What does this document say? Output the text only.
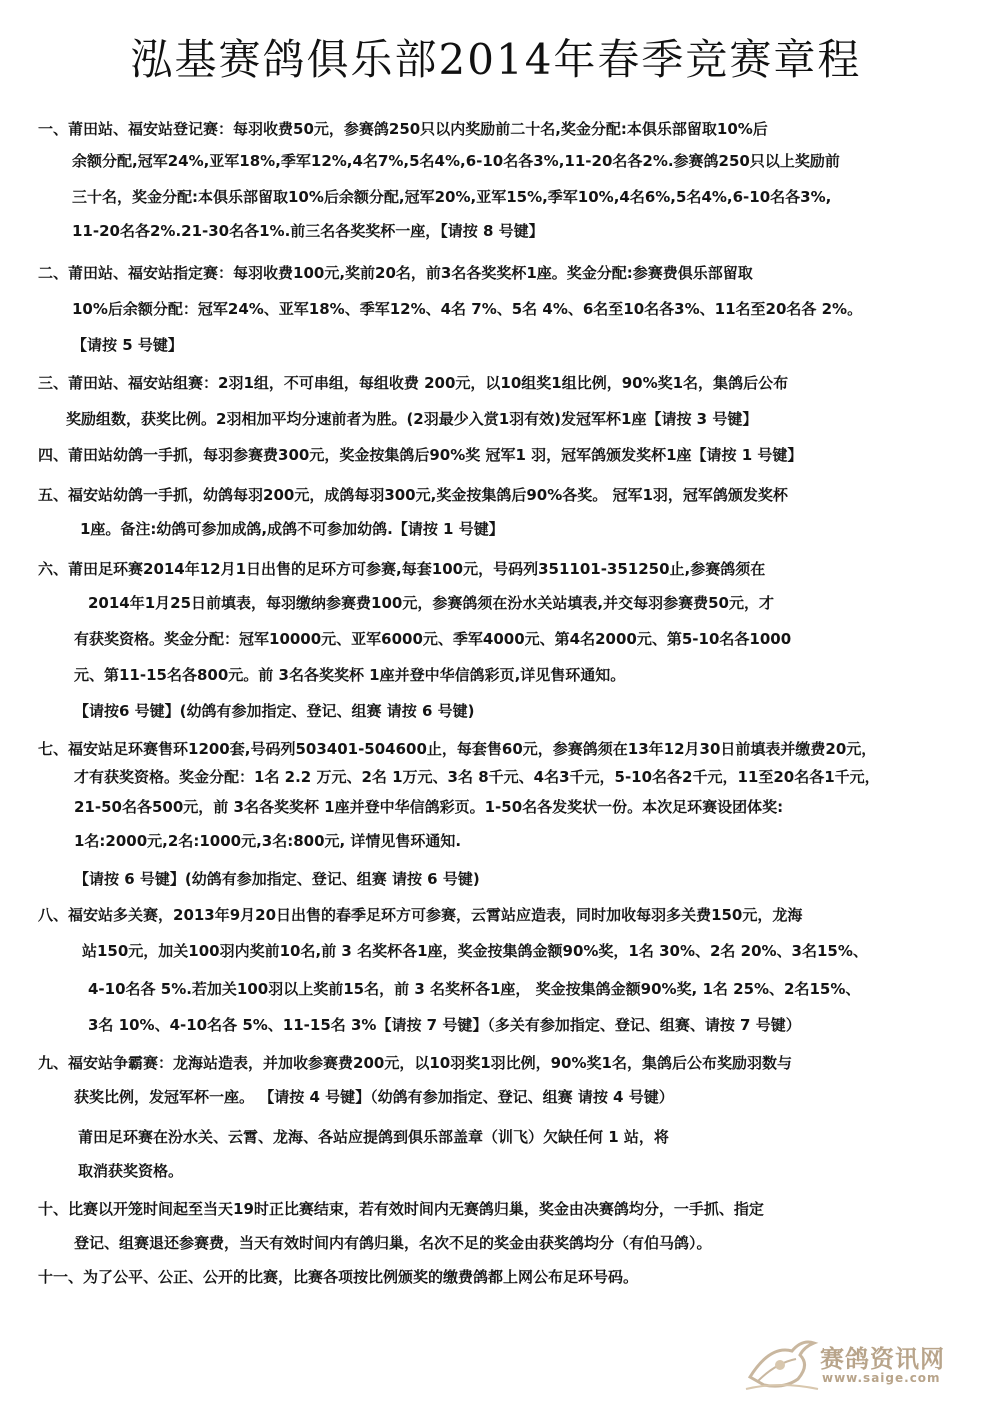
泓基赛鸽俱乐部2014年春季竞赛章程
一、莆田站、福安站登记赛：每羽收费50元，参赛鸽250只以内奖励前二十名,奖金分配:本俱乐部留取10%后
余额分配,冠军24%,亚军18%,季军12%,4名7%,5名4%,6-10名各3%,11-20名各2%.参赛鸽250只以上奖励前
三十名，奖金分配:本俱乐部留取10%后余额分配,冠军20%,亚军15%,季军10%,4名6%,5名4%,6-10名各3%,
11-20名各2%.21-30名各1%.前三名各奖奖杯一座，【请按 8 号键】
二、莆田站、福安站指定赛：每羽收费100元,奖前20名，前3名各奖奖杯1座。奖金分配:参赛费俱乐部留取
10%后余额分配：冠军24%、亚军18%、季军12%、4名 7%、5名 4%、6名至10名各3%、11名至20名各 2%。
【请按 5 号键】
三、莆田站、福安站组赛：2羽1组，不可串组，每组收费 200元，以10组奖1组比例，90%奖1名，集鸽后公布
奖励组数，获奖比例。2羽相加平均分速前者为胜。(2羽最少入赏1羽有效)发冠军杯1座【请按 3 号键】
四、莆田站幼鸽一手抓，每羽参赛费300元，奖金按集鸽后90%奖 冠军1 羽，冠军鸽颁发奖杯1座【请按 1 号键】
五、福安站幼鸽一手抓，幼鸽每羽200元，成鸽每羽300元,奖金按集鸽后90%各奖。 冠军1羽，冠军鸽颁发奖杯
1座。备注:幼鸽可参加成鸽,成鸽不可参加幼鸽.【请按 1 号键】
六、莆田足环赛2014年12月1日出售的足环方可参赛,每套100元，号码列351101-351250止,参赛鸽须在
2014年1月25日前填表，每羽缴纳参赛费100元，参赛鸽须在汾水关站填表,并交每羽参赛费50元，才
有获奖资格。奖金分配：冠军10000元、亚军6000元、季军4000元、第4名2000元、第5-10名各1000
元、第11-15名各800元。前 3名各奖奖杯 1座并登中华信鸽彩页,详见售环通知。
【请按6 号键】(幼鸽有参加指定、登记、组赛 请按 6 号键)
七、福安站足环赛售环1200套,号码列503401-504600止，每套售60元，参赛鸽须在13年12月30日前填表并缴费20元，
才有获奖资格。奖金分配：1名 2.2 万元、2名 1万元、3名 8千元、4名3千元，5-10名各2千元，11至20名各1千元，
21-50名各500元，前 3名各奖奖杯 1座并登中华信鸽彩页。1-50名各发奖状一份。本次足环赛设团体奖:
1名:2000元,2名:1000元,3名:800元, 详情见售环通知.
【请按 6 号键】(幼鸽有参加指定、登记、组赛 请按 6 号键)
八、福安站多关赛，2013年9月20日出售的春季足环方可参赛，云霄站应造表，同时加收每羽多关费150元，龙海
站150元，加关100羽内奖前10名,前 3 名奖杯各1座，奖金按集鸽金额90%奖，1名 30%、2名 20%、3名15%、
4-10名各 5%.若加关100羽以上奖前15名，前 3 名奖杯各1座， 奖金按集鸽金额90%奖, 1名 25%、2名15%、
3名 10%、4-10名各 5%、11-15名 3%【请按 7 号键】（多关有参加指定、登记、组赛、请按 7 号键）
九、福安站争霸赛：龙海站造表，并加收参赛费200元，以10羽奖1羽比例，90%奖1名，集鸽后公布奖励羽数与
获奖比例，发冠军杯一座。 【请按 4 号键】（幼鸽有参加指定、登记、组赛 请按 4 号键）
莆田足环赛在汾水关、云霄、龙海、各站应提鸽到俱乐部盖章（训飞）欠缺任何 1 站，将
取消获奖资格。
十、比赛以开笼时间起至当天19时正比赛结束，若有效时间内无赛鸽归巢，奖金由决赛鸽均分，一手抓、指定
登记、组赛退还参赛费，当天有效时间内有鸽归巢，名次不足的奖金由获奖鸽均分（有伯马鸽）。
十一、为了公平、公正、公开的比赛，比赛各项按比例颁奖的缴费鸽都上网公布足环号码。
赛鸽资讯网
www.saige.com
